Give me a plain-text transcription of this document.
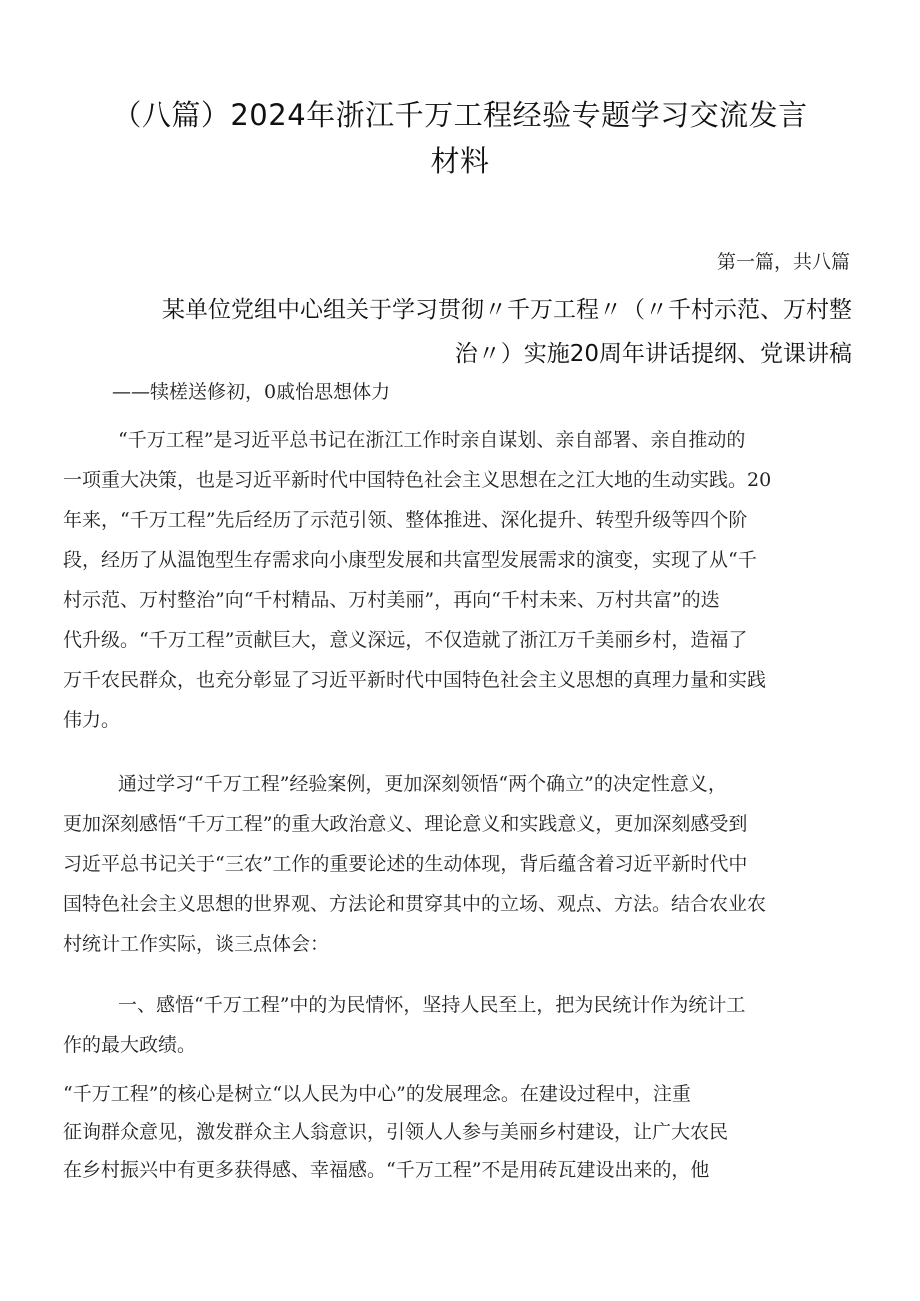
（八篇）2024年浙江千万工程经验专题学习交流发言
材料
第一篇，共八篇
某单位党组中心组关于学习贯彻〃千万工程〃（〃千村示范、万村整
治〃）实施20周年讲话提纲、党课讲稿
——犊槎送修初，0戚怡思想体力
“千万工程”是习近平总书记在浙江工作时亲自谋划、亲自部署、亲自推动的
一项重大决策，也是习近平新时代中国特色社会主义思想在之江大地的生动实践。20
年来，“千万工程”先后经历了示范引领、整体推进、深化提升、转型升级等四个阶
段，经历了从温饱型生存需求向小康型发展和共富型发展需求的演变，实现了从“千
村示范、万村整治”向“千村精品、万村美丽”，再向“千村未来、万村共富”的迭
代升级。“千万工程”贡献巨大，意义深远，不仅造就了浙江万千美丽乡村，造福了
万千农民群众，也充分彰显了习近平新时代中国特色社会主义思想的真理力量和实践
伟力。
通过学习“千万工程”经验案例，更加深刻领悟“两个确立”的决定性意义，
更加深刻感悟“千万工程”的重大政治意义、理论意义和实践意义，更加深刻感受到
习近平总书记关于“三农”工作的重要论述的生动体现，背后蕴含着习近平新时代中
国特色社会主义思想的世界观、方法论和贯穿其中的立场、观点、方法。结合农业农
村统计工作实际，谈三点体会：
一、感悟“千万工程”中的为民情怀，坚持人民至上，把为民统计作为统计工
作的最大政绩。
“千万工程”的核心是树立“以人民为中心”的发展理念。在建设过程中，注重
征询群众意见，激发群众主人翁意识，引领人人参与美丽乡村建设，让广大农民
在乡村振兴中有更多获得感、幸福感。“千万工程”不是用砖瓦建设出来的，他
